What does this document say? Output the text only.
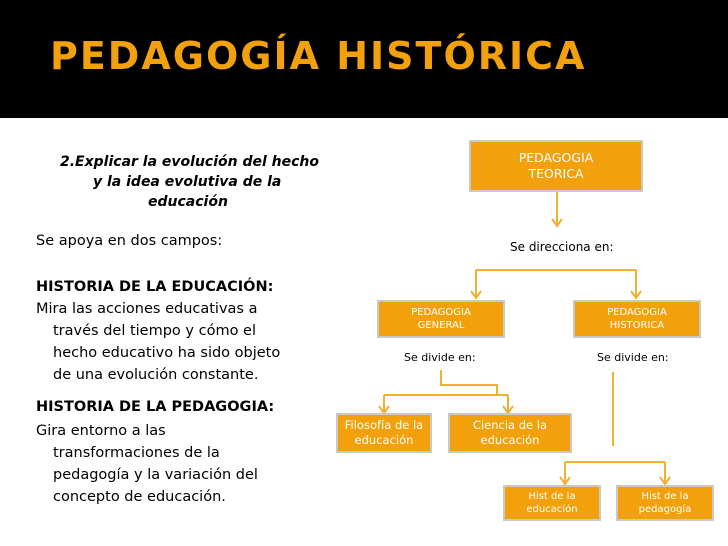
PEDAGOGÍA HISTÓRICA
2.Explicar la evolución del hecho
y la idea evolutiva de la
educación
Se apoya en dos campos:
HISTORIA DE LA EDUCACIÓN:
Mira las acciones educativas a
través del tiempo y cómo el
hecho educativo ha sido objeto
de una evolución constante.
HISTORIA DE LA PEDAGOGIA:
Gira entorno a las
transformaciones de la
pedagogía y la variación del
concepto de educación.
PEDAGOGIA
TEORICA
Se direcciona en:
PEDAGOGIA
GENERAL
PEDAGOGIA
HISTORICA
Se divide en:	Se divide en:
Filosofía de la
educación
Ciencia de la
educación
Hist de la
educación
Hist de la
pedagogía
